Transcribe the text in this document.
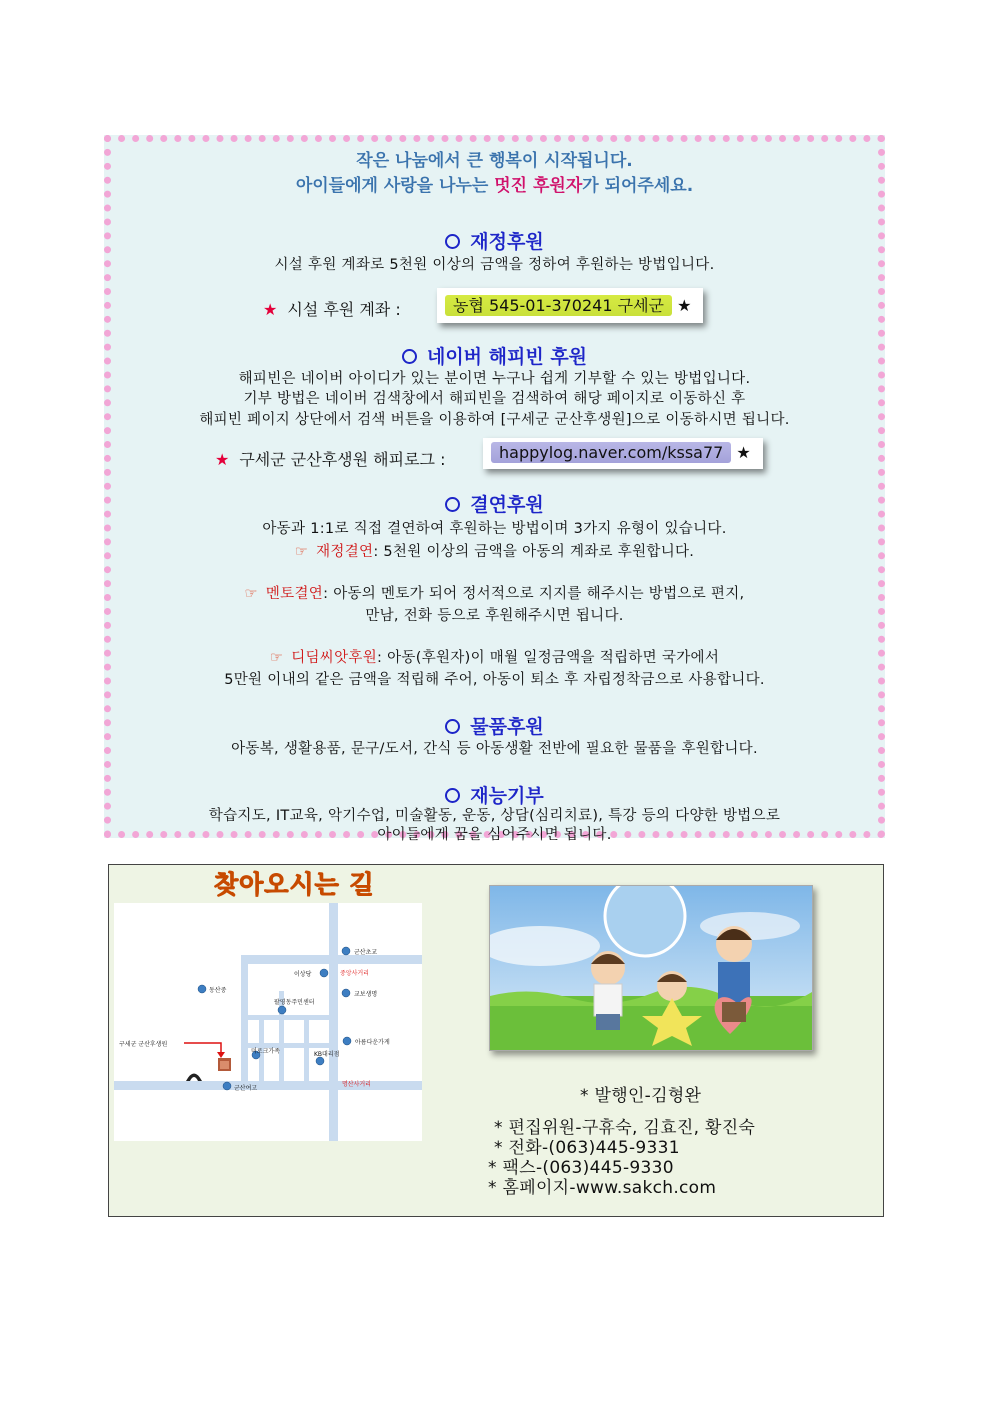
작은 나눔에서 큰 행복이 시작됩니다.
아이들에게 사랑을 나누는 멋진 후원자가 되어주세요.
재정후원
시설 후원 계좌로 5천원 이상의 금액을 정하여 후원하는 방법입니다.
★ 시설 후원 계좌 :	농협 545-01-370241 구세군 ★
네이버 해피빈 후원
해피빈은 네이버 아이디가 있는 분이면 누구나 쉽게 기부할 수 있는 방법입니다.
기부 방법은 네이버 검색창에서 해피빈을 검색하여 해당 페이지로 이동하신 후
해피빈 페이지 상단에서 검색 버튼을 이용하여 [구세군 군산후생원]으로 이동하시면 됩니다.
★ 구세군 군산후생원 해피로그 :	happylog.naver.com/kssa77 ★
결연후원
아동과 1:1로 직접 결연하여 후원하는 방법이며 3가지 유형이 있습니다.
☞ 재정결연: 5천원 이상의 금액을 아동의 계좌로 후원합니다.
☞ 멘토결연: 아동의 멘토가 되어 정서적으로 지지를 해주시는 방법으로 편지,
만남, 전화 등으로 후원해주시면 됩니다.
☞ 디딤씨앗후원: 아동(후원자)이 매월 일정금액을 적립하면 국가에서
5만원 이내의 같은 금액을 적립해 주어, 아동이 퇴소 후 자립정착금으로 사용합니다.
물품후원
아동복, 생활용품, 문구/도서, 간식 등 아동생활 전반에 필요한 물품을 후원합니다.
재능기부
학습지도, IT교육, 악기수업, 미술활동, 운동, 상담(심리치료), 특강 등의 다양한 방법으로
아이들에게 꿈을 심어주시면 됩니다.
찾아오시는 길
군산초교
이상당	중앙사거리
동산중
교보생명
팔영동주민센터
구세군 군산후생원	아름다운가게
미로크가족	KB대리점
군산여고
명산사거리
* 발행인-김형완
* 편집위원-구휴숙, 김효진, 황진숙
* 전화-(063)445-9331
* 팩스-(063)445-9330
* 홈페이지-www.sakch.com
